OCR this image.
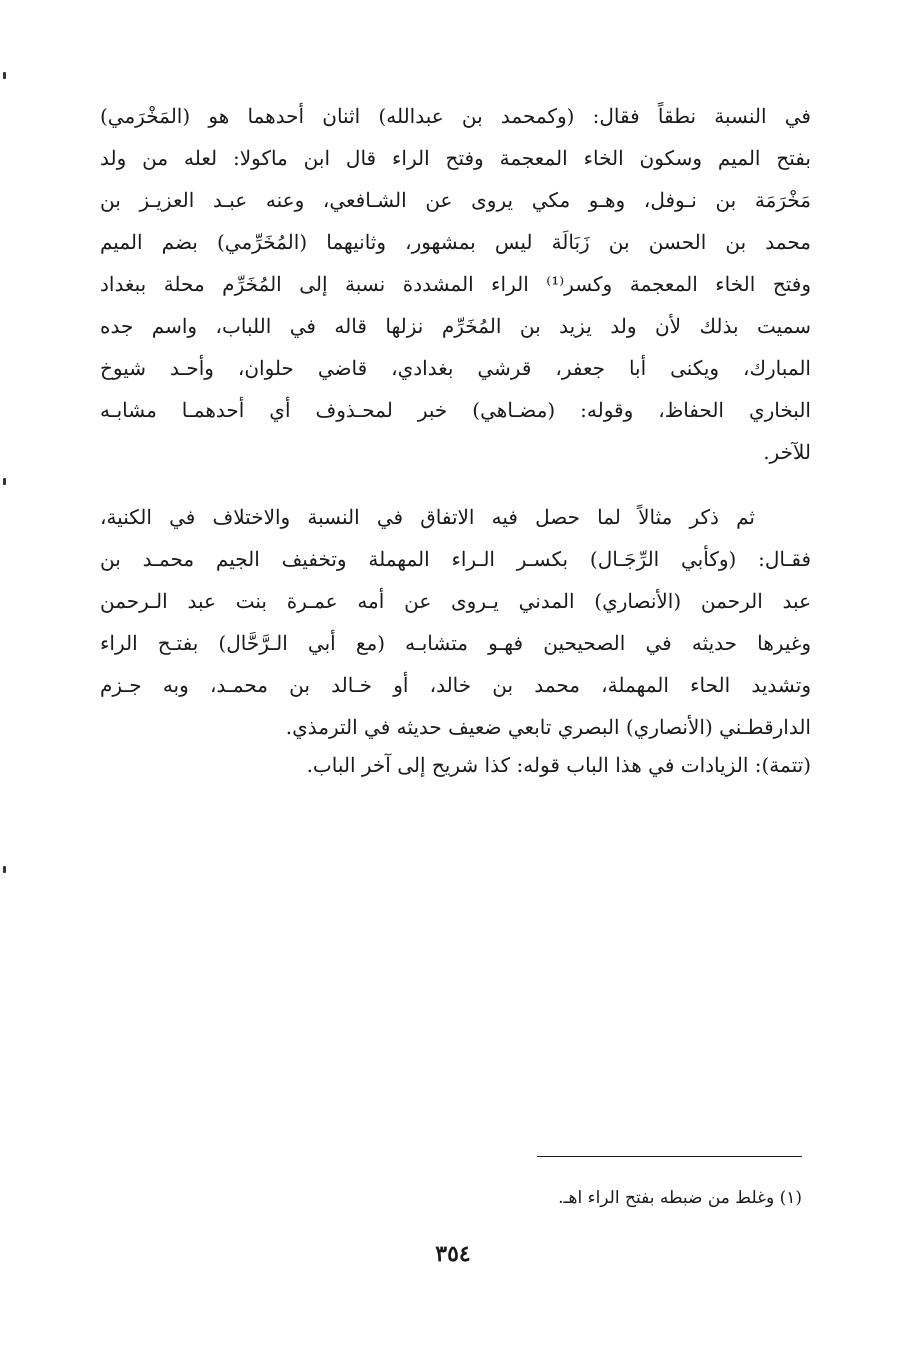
في النسبة نطقاً فقال: (وكمحمد بن عبدالله) اثنان أحدهما هو (المَخْرَمي)
بفتح الميم وسكون الخاء المعجمة وفتح الراء قال ابن ماكولا: لعله من ولد
مَخْرَمَة بن نـوفل، وهـو مكي يروى عن الشـافعي، وعنه عبـد العزيـز بن
محمد بن الحسن بن زَبَالَة ليس بمشهور، وثانيهما (المُخَرِّمي) بضم الميم
وفتح الخاء المعجمة وكسر⁽¹⁾ الراء المشددة نسبة إلى المُخَرِّم محلة ببغداد
سميت بذلك لأن ولد يزيد بن المُخَرِّم نزلها قاله في اللباب، واسم جده
المبارك، ويكنى أبا جعفر، قرشي بغدادي، قاضي حلوان، وأحـد شيوخ
البخاري الحفاظ، وقوله: (مضـاهي) خبر لمحـذوف أي أحدهمـا مشابـه
للآخر.
ثم ذكر مثالاً لما حصل فيه الاتفاق في النسبة والاختلاف في الكنية،
فقـال: (وكأبي الرِّجَـال) بكسـر الـراء المهملة وتخفيف الجيم محمـد بن
عبد الرحمن (الأنصاري) المدني يـروى عن أمه عمـرة بنت عبد الـرحمن
وغيرها حديثه في الصحيحين فهـو متشابـه (مع أبي الـرَّحَّال) بفتـح الراء
وتشديد الحاء المهملة، محمد بن خالد، أو خـالد بن محمـد، وبه جـزم
الدارقطـني (الأنصاري) البصري تابعي ضعيف حديثه في الترمذي.
(تتمة): الزيادات في هذا الباب قوله: كذا شريح إلى آخر الباب.
(١) وغلط من ضبطه بفتح الراء اهـ.
٣٥٤
